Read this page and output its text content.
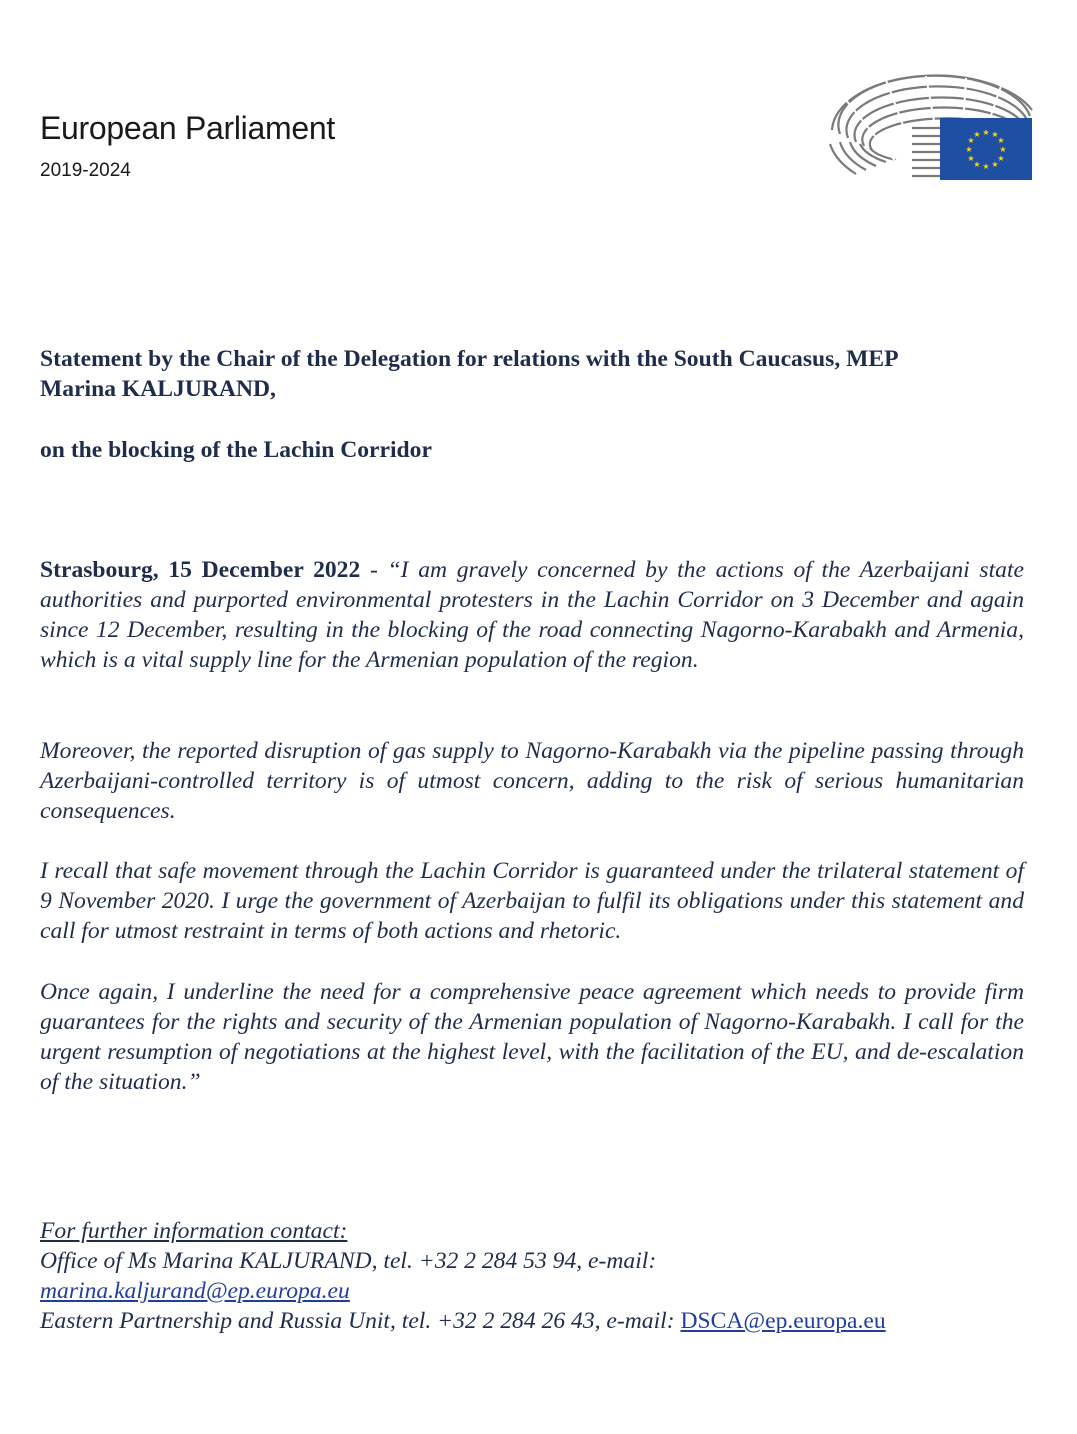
European Parliament
2019-2024
★ ★
★
★
★
★
★
★
★
★
★
★
Statement by the Chair of the Delegation for relations with the South Caucasus, MEP
Marina KALJURAND,
on the blocking of the Lachin Corridor
Strasbourg, 15 December 2022 - “I am gravely concerned by the actions of the Azerbaijani state authorities and purported environmental protesters in the Lachin Corridor on 3 December and again since 12 December, resulting in the blocking of the road connecting Nagorno-Karabakh and Armenia, which is a vital supply line for the Armenian population of the region.
Moreover, the reported disruption of gas supply to Nagorno-Karabakh via the pipeline passing through Azerbaijani-controlled territory is of utmost concern, adding to the risk of serious humanitarian consequences.
I recall that safe movement through the Lachin Corridor is guaranteed under the trilateral statement of 9 November 2020. I urge the government of Azerbaijan to fulfil its obligations under this statement and call for utmost restraint in terms of both actions and rhetoric.
Once again, I underline the need for a comprehensive peace agreement which needs to provide firm guarantees for the rights and security of the Armenian population of Nagorno-Karabakh. I call for the urgent resumption of negotiations at the highest level, with the facilitation of the EU, and de-escalation of the situation.”
For further information contact:
Office of Ms Marina KALJURAND, tel. +32 2 284 53 94, e-mail:
marina.kaljurand@ep.europa.eu
Eastern Partnership and Russia Unit, tel. +32 2 284 26 43, e-mail: DSCA@ep.europa.eu
